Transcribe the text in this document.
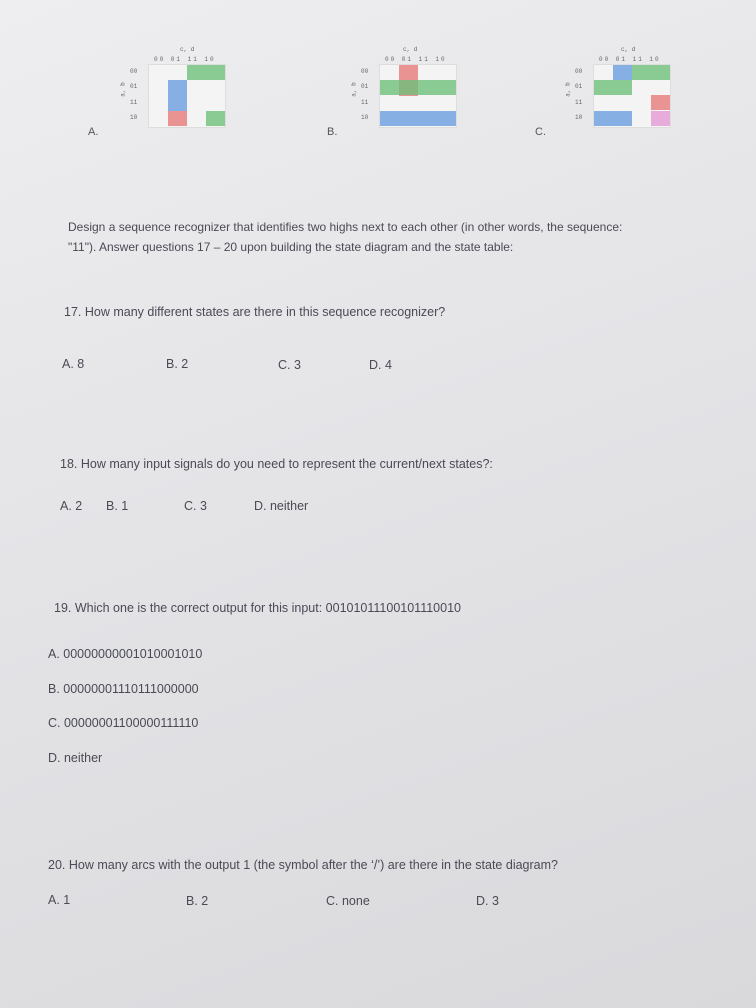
c, d
00 01 11 10
a, b
00
01
11
10
A.
c, d
00 01 11 10
a, b
00
01
11
10
B.
c, d
00 01 11 10
a, b
00
01
11
10
C.
Design a sequence recognizer that identifies two highs next to each other (in other words, the sequence:
"11"). Answer questions 17 – 20 upon building the state diagram and the state table:
17. How many different states are there in this sequence recognizer?
A. 8	B. 2	C. 3	D. 4
18. How many input signals do you need to represent the current/next states?:
A. 2 B. 1	C. 3	D. neither
19. Which one is the correct output for this input: 00101011100101110010
A. 00000000001010001010
B. 00000001110111000000
C. 00000001100000111110
D. neither
20. How many arcs with the output 1 (the symbol after the ‘/’) are there in the state diagram?
A. 1	B. 2	C. none	D. 3
